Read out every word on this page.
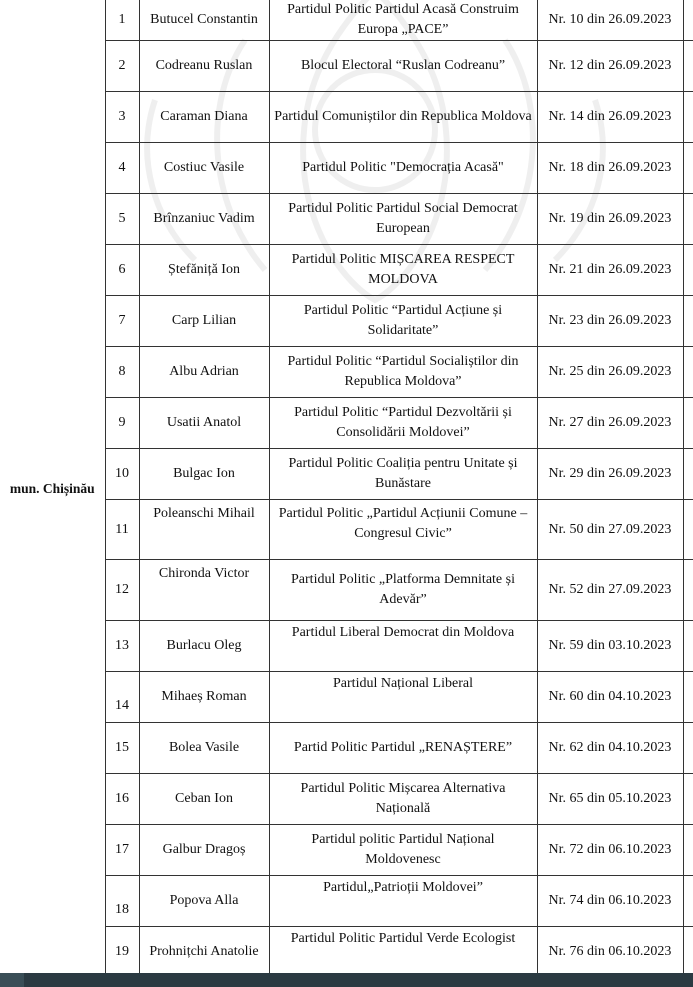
mun. Chișinău	1	Butucel Constantin	Partidul Politic Partidul Acasă Construim Europa „PACE”	Nr. 10 din 26.09.2023	
	2	Codreanu Ruslan	Blocul Electoral “Ruslan Codreanu”	Nr. 12 din 26.09.2023	
	3	Caraman Diana	Partidul Comuniștilor din Republica Moldova	Nr. 14 din 26.09.2023	
	4	Costiuc Vasile	Partidul Politic "Democrația Acasă"	Nr. 18 din 26.09.2023	
	5	Brînzaniuc Vadim	Partidul Politic Partidul Social Democrat European	Nr. 19 din 26.09.2023	
	6	Ștefăniță Ion	Partidul Politic MIȘCAREA RESPECT MOLDOVA	Nr. 21 din 26.09.2023	
	7	Carp Lilian	Partidul Politic “Partidul Acțiune și Solidaritate”	Nr. 23 din 26.09.2023	
	8	Albu Adrian	Partidul Politic “Partidul Socialiștilor din Republica Moldova”	Nr. 25 din 26.09.2023	
	9	Usatii Anatol	Partidul Politic “Partidul Dezvoltării și Consolidării Moldovei”	Nr. 27 din 26.09.2023	
	10	Bulgac Ion	Partidul Politic Coaliția pentru Unitate și Bunăstare	Nr. 29 din 26.09.2023	
	11	Poleanschi Mihail	Partidul Politic „Partidul Acțiunii Comune – Congresul Civic”	Nr. 50 din 27.09.2023	
	12	Chironda Victor	Partidul Politic „Platforma Demnitate și Adevăr”	Nr. 52 din 27.09.2023	
	13	Burlacu Oleg	Partidul Liberal Democrat din Moldova	Nr. 59 din 03.10.2023	
	14	Mihaeș Roman	Partidul Național Liberal	Nr. 60 din 04.10.2023	
	15	Bolea Vasile	Partid Politic Partidul „RENAȘTERE”	Nr. 62 din 04.10.2023	
	16	Ceban Ion	Partidul Politic Mișcarea Alternativa Națională	Nr. 65 din 05.10.2023	
	17	Galbur Dragoș	Partidul politic Partidul Național Moldovenesc	Nr. 72 din 06.10.2023	
	18	Popova Alla	Partidul„Patrioții Moldovei”	Nr. 74 din 06.10.2023	
	19	Prohnițchi Anatolie	Partidul Politic Partidul Verde Ecologist	Nr. 76 din 06.10.2023	
